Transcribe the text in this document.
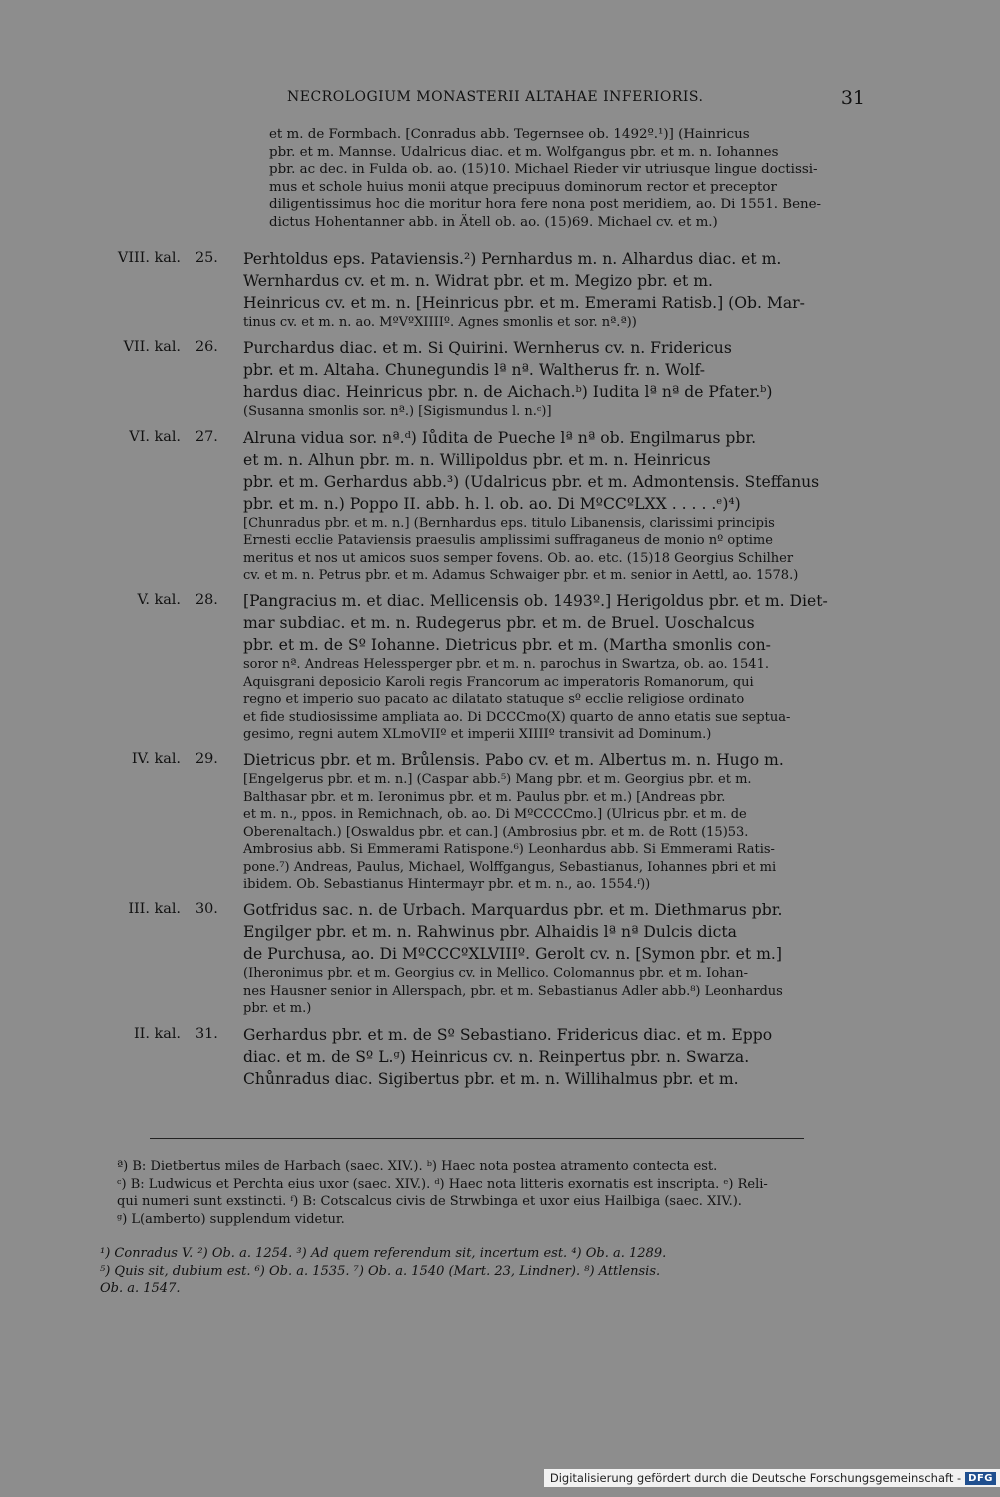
NECROLOGIUM MONASTERII ALTAHAE INFERIORIS.	31
et m. de Formbach. [Conradus abb. Tegernsee ob. 1492º.¹)] (Hainricus
pbr. et m. Mannse. Udalricus diac. et m. Wolfgangus pbr. et m. n. Iohannes
pbr. ac dec. in Fulda ob. ao. (15)10. Michael Rieder vir utriusque lingue doctissi-
mus et schole huius monii atque precipuus dominorum rector et preceptor
diligentissimus hoc die moritur hora fere nona post meridiem, ao. Di 1551. Bene-
dictus Hohentanner abb. in Ätell ob. ao. (15)69. Michael cv. et m.)
VIII. kal. 25. Perhtoldus eps. Pataviensis.²) Pernhardus m. n. Alhardus diac. et m.
Wernhardus cv. et m. n. Widrat pbr. et m. Megizo pbr. et m.
Heinricus cv. et m. n. [Heinricus pbr. et m. Emerami Ratisb.] (Ob. Mar-
tinus cv. et m. n. ao. MºVºXIIIIº. Agnes smonlis et sor. nª.ª))
VII. kal. 26. Purchardus diac. et m. Si Quirini. Wernherus cv. n. Fridericus
pbr. et m. Altaha. Chunegundis lª nª. Waltherus fr. n. Wolf-
hardus diac. Heinricus pbr. n. de Aichach.ᵇ) Iudita lª nª de Pfater.ᵇ)
(Susanna smonlis sor. nª.) [Sigismundus l. n.ᶜ)]
VI. kal. 27. Alruna vidua sor. nª.ᵈ) Iůdita de Pueche lª nª ob. Engilmarus pbr.
et m. n. Alhun pbr. m. n. Willipoldus pbr. et m. n. Heinricus
pbr. et m. Gerhardus abb.³) (Udalricus pbr. et m. Admontensis. Steffanus
pbr. et m. n.) Poppo II. abb. h. l. ob. ao. Di MºCCºLXX . . . . .ᵉ)⁴)
[Chunradus pbr. et m. n.] (Bernhardus eps. titulo Libanensis, clarissimi principis
Ernesti ecclie Pataviensis praesulis amplissimi suffraganeus de monio nº optime
meritus et nos ut amicos suos semper fovens. Ob. ao. etc. (15)18 Georgius Schilher
cv. et m. n. Petrus pbr. et m. Adamus Schwaiger pbr. et m. senior in Aettl, ao. 1578.)
V. kal. 28. [Pangracius m. et diac. Mellicensis ob. 1493º.] Herigoldus pbr. et m. Diet-
mar subdiac. et m. n. Rudegerus pbr. et m. de Bruel. Uoschalcus
pbr. et m. de Sº Iohanne. Dietricus pbr. et m. (Martha smonlis con-
soror nª. Andreas Helessperger pbr. et m. n. parochus in Swartza, ob. ao. 1541.
Aquisgrani deposicio Karoli regis Francorum ac imperatoris Romanorum, qui
regno et imperio suo pacato ac dilatato statuque sº ecclie religiose ordinato
et fide studiosissime ampliata ao. Di DCCCmo(X) quarto de anno etatis sue septua-
gesimo, regni autem XLmoVIIº et imperii XIIIIº transivit ad Dominum.)
IV. kal. 29. Dietricus pbr. et m. Brůlensis. Pabo cv. et m. Albertus m. n. Hugo m.
[Engelgerus pbr. et m. n.] (Caspar abb.⁵) Mang pbr. et m. Georgius pbr. et m.
Balthasar pbr. et m. Ieronimus pbr. et m. Paulus pbr. et m.) [Andreas pbr.
et m. n., ppos. in Remichnach, ob. ao. Di MºCCCCmo.] (Ulricus pbr. et m. de
Oberenaltach.) [Oswaldus pbr. et can.] (Ambrosius pbr. et m. de Rott (15)53.
Ambrosius abb. Si Emmerami Ratispone.⁶) Leonhardus abb. Si Emmerami Ratis-
pone.⁷) Andreas, Paulus, Michael, Wolffgangus, Sebastianus, Iohannes pbri et mi
ibidem. Ob. Sebastianus Hintermayr pbr. et m. n., ao. 1554.ᶠ))
III. kal. 30. Gotfridus sac. n. de Urbach. Marquardus pbr. et m. Diethmarus pbr.
Engilger pbr. et m. n. Rahwinus pbr. Alhaidis lª nª Dulcis dicta
de Purchusa, ao. Di MºCCCºXLVIIIº. Gerolt cv. n. [Symon pbr. et m.]
(Iheronimus pbr. et m. Georgius cv. in Mellico. Colomannus pbr. et m. Iohan-
nes Hausner senior in Allerspach, pbr. et m. Sebastianus Adler abb.⁸) Leonhardus
pbr. et m.)
II. kal. 31. Gerhardus pbr. et m. de Sº Sebastiano. Fridericus diac. et m. Eppo
diac. et m. de Sº L.ᵍ) Heinricus cv. n. Reinpertus pbr. n. Swarza.
Chůnradus diac. Sigibertus pbr. et m. n. Willihalmus pbr. et m.
ª) B: Dietbertus miles de Harbach (saec. XIV.). ᵇ) Haec nota postea atramento contecta est.
ᶜ) B: Ludwicus et Perchta eius uxor (saec. XIV.). ᵈ) Haec nota litteris exornatis est inscripta. ᵉ) Reli-
qui numeri sunt exstincti. ᶠ) B: Cotscalcus civis de Strwbinga et uxor eius Hailbiga (saec. XIV.).
ᵍ) L(amberto) supplendum videtur.
¹) Conradus V. ²) Ob. a. 1254. ³) Ad quem referendum sit, incertum est. ⁴) Ob. a. 1289.
⁵) Quis sit, dubium est. ⁶) Ob. a. 1535. ⁷) Ob. a. 1540 (Mart. 23, Lindner). ⁸) Attlensis.
Ob. a. 1547.
Digitalisierung gefördert durch die Deutsche Forschungsgemeinschaft - DFG
